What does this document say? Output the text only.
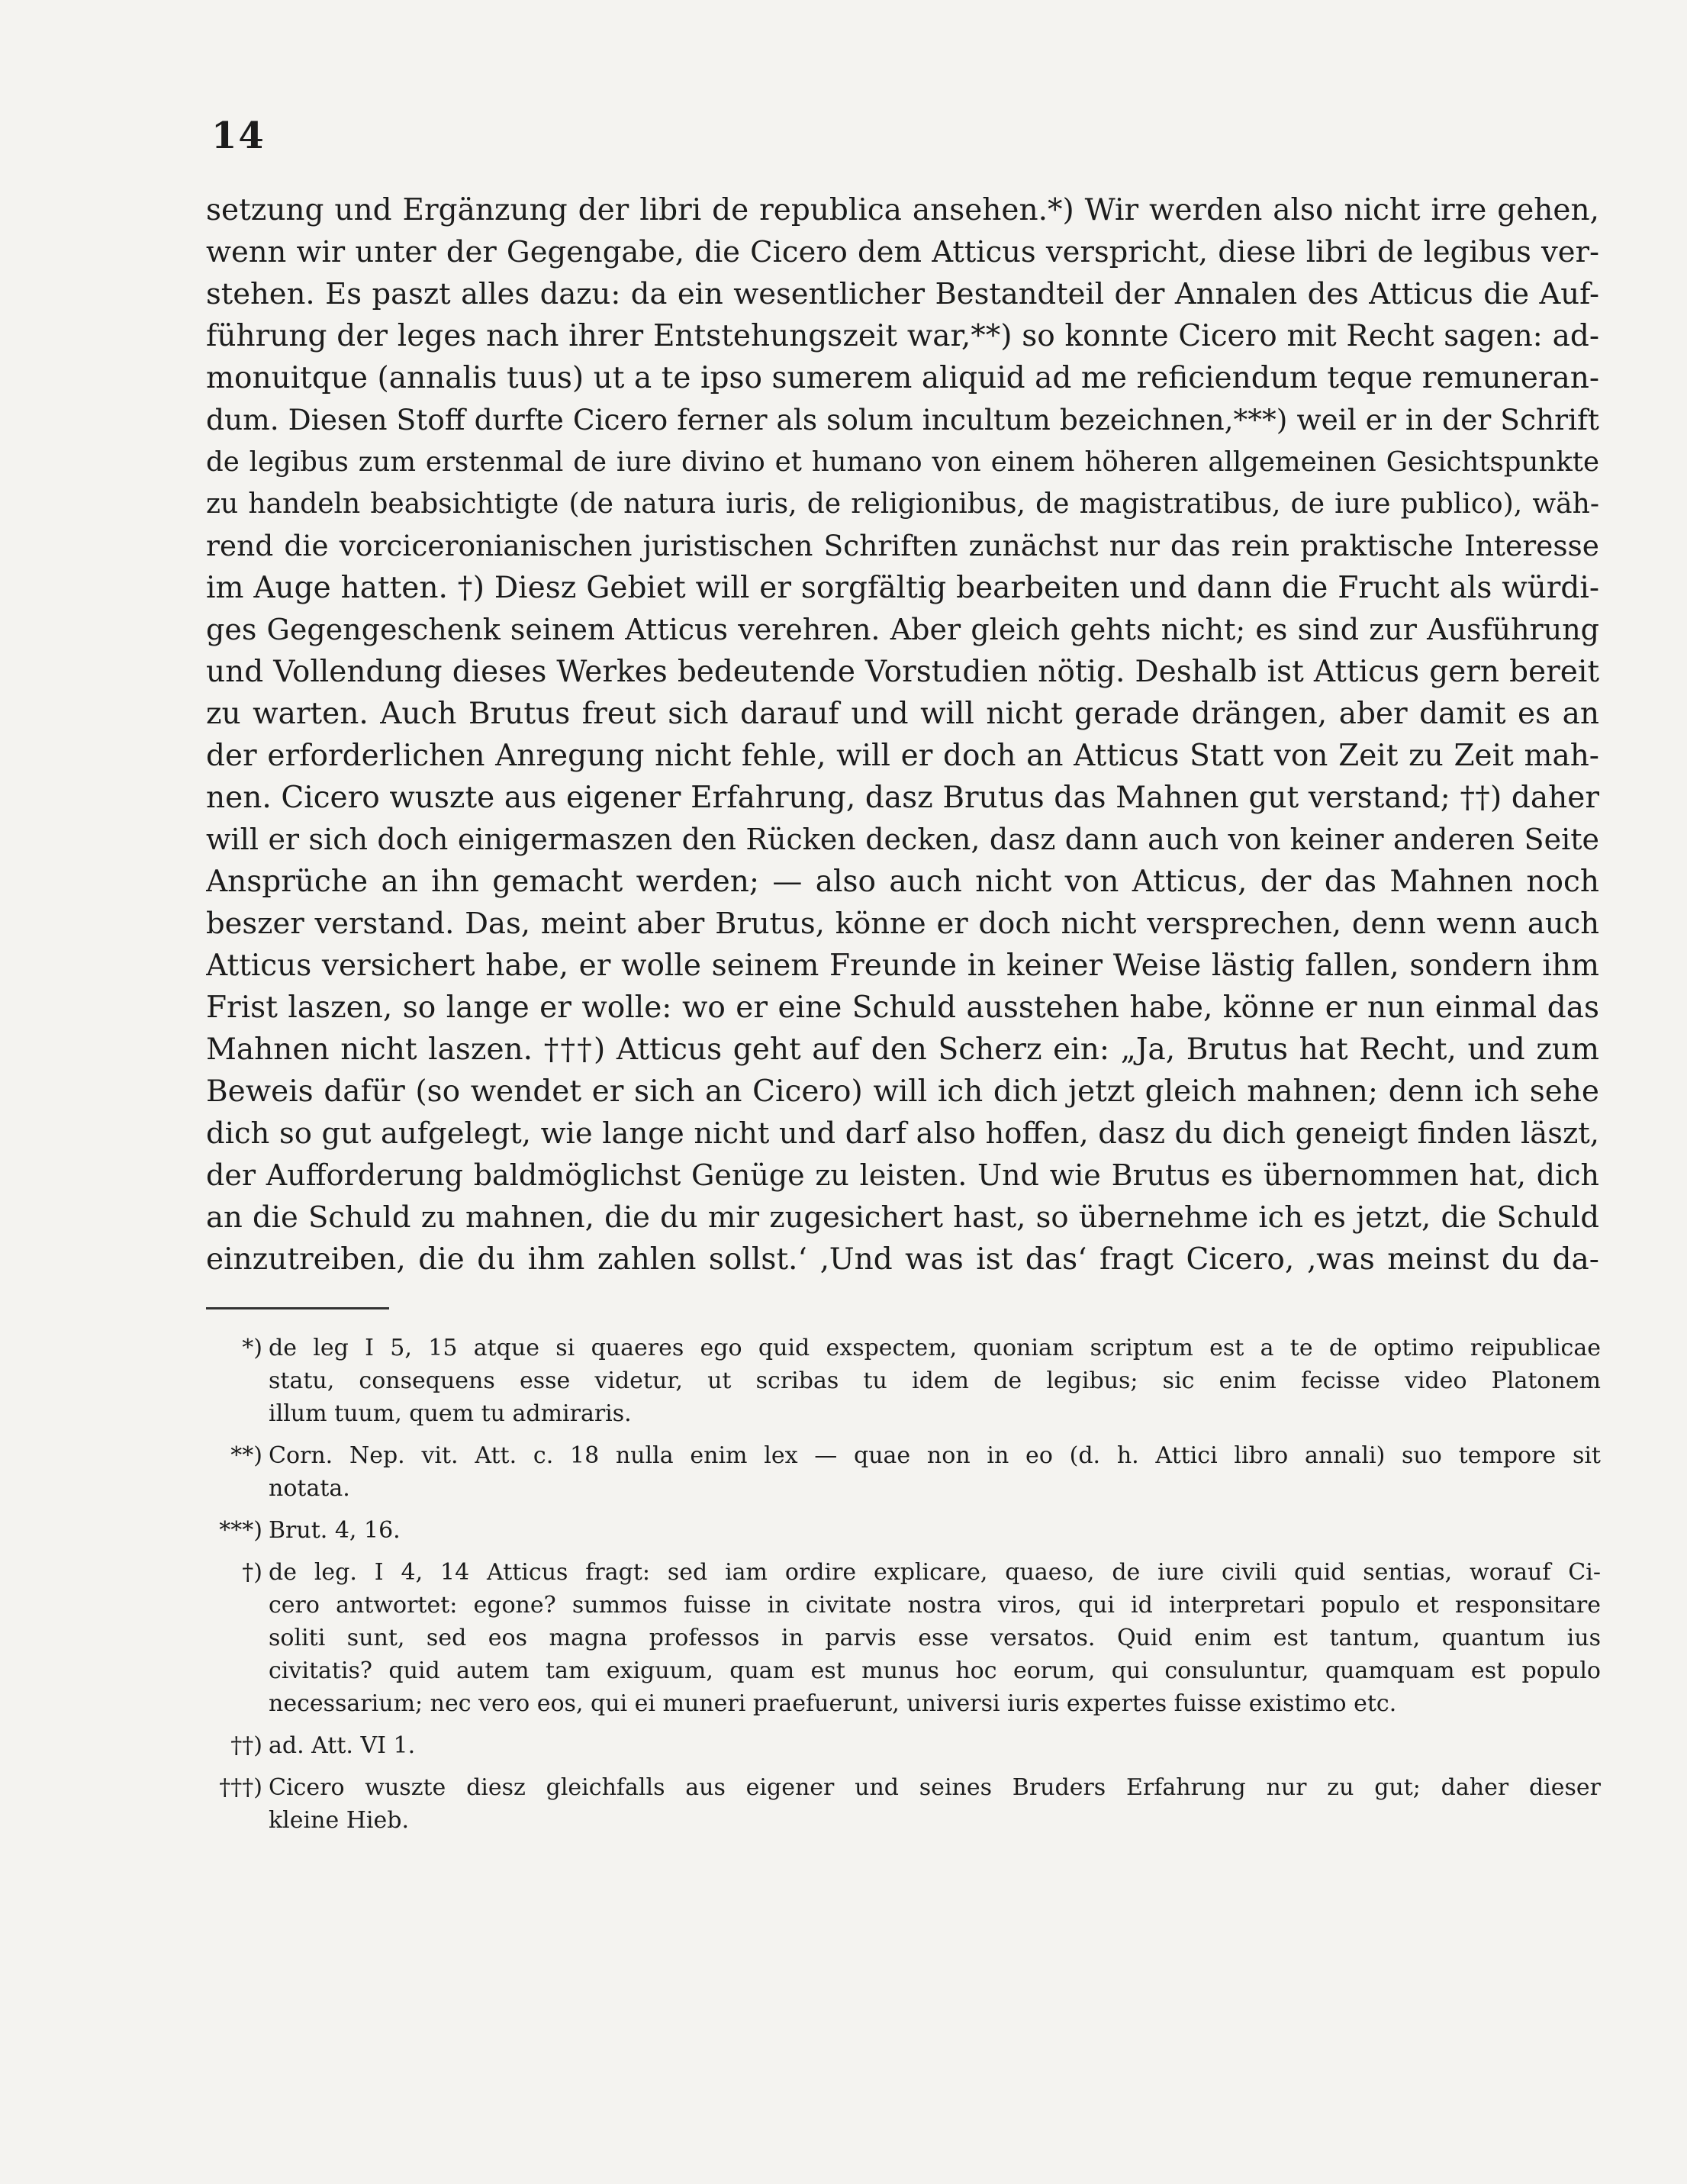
14
setzung und Ergänzung der libri de republica ansehen.*) Wir werden also nicht irre gehen,
wenn wir unter der Gegengabe, die Cicero dem Atticus verspricht, diese libri de legibus ver-
stehen. Es paszt alles dazu: da ein wesentlicher Bestandteil der Annalen des Atticus die Auf-
führung der leges nach ihrer Entstehungszeit war,**) so konnte Cicero mit Recht sagen: ad-
monuitque (annalis tuus) ut a te ipso sumerem aliquid ad me reficiendum teque remuneran-
dum. Diesen Stoff durfte Cicero ferner als solum incultum bezeichnen,***) weil er in der Schrift
de legibus zum erstenmal de iure divino et humano von einem höheren allgemeinen Gesichtspunkte
zu handeln beabsichtigte (de natura iuris, de religionibus, de magistratibus, de iure publico), wäh-
rend die vorciceronianischen juristischen Schriften zunächst nur das rein praktische Interesse
im Auge hatten. †) Diesz Gebiet will er sorgfältig bearbeiten und dann die Frucht als würdi-
ges Gegengeschenk seinem Atticus verehren. Aber gleich gehts nicht; es sind zur Ausführung
und Vollendung dieses Werkes bedeutende Vorstudien nötig. Deshalb ist Atticus gern bereit
zu warten. Auch Brutus freut sich darauf und will nicht gerade drängen, aber damit es an
der erforderlichen Anregung nicht fehle, will er doch an Atticus Statt von Zeit zu Zeit mah-
nen. Cicero wuszte aus eigener Erfahrung, dasz Brutus das Mahnen gut verstand; ††) daher
will er sich doch einigermaszen den Rücken decken, dasz dann auch von keiner anderen Seite
Ansprüche an ihn gemacht werden; — also auch nicht von Atticus, der das Mahnen noch
beszer verstand. Das, meint aber Brutus, könne er doch nicht versprechen, denn wenn auch
Atticus versichert habe, er wolle seinem Freunde in keiner Weise lästig fallen, sondern ihm
Frist laszen, so lange er wolle: wo er eine Schuld ausstehen habe, könne er nun einmal das
Mahnen nicht laszen. †††) Atticus geht auf den Scherz ein: „Ja, Brutus hat Recht, und zum
Beweis dafür (so wendet er sich an Cicero) will ich dich jetzt gleich mahnen; denn ich sehe
dich so gut aufgelegt, wie lange nicht und darf also hoffen, dasz du dich geneigt finden läszt,
der Aufforderung baldmöglichst Genüge zu leisten. Und wie Brutus es übernommen hat, dich
an die Schuld zu mahnen, die du mir zugesichert hast, so übernehme ich es jetzt, die Schuld
einzutreiben, die du ihm zahlen sollst.‘ ‚Und was ist das‘ fragt Cicero, ‚was meinst du da-
*) de leg I 5, 15 atque si quaeres ego quid exspectem, quoniam scriptum est a te de optimo reipublicae
statu, consequens esse videtur, ut scribas tu idem de legibus; sic enim fecisse video Platonem
illum tuum, quem tu admiraris.
**) Corn. Nep. vit. Att. c. 18 nulla enim lex — quae non in eo (d. h. Attici libro annali) suo tempore sit
notata.
***) Brut. 4, 16.
†) de leg. I 4, 14 Atticus fragt: sed iam ordire explicare, quaeso, de iure civili quid sentias, worauf Ci-
cero antwortet: egone? summos fuisse in civitate nostra viros, qui id interpretari populo et responsitare
soliti sunt, sed eos magna professos in parvis esse versatos. Quid enim est tantum, quantum ius
civitatis? quid autem tam exiguum, quam est munus hoc eorum, qui consuluntur, quamquam est populo
necessarium; nec vero eos, qui ei muneri praefuerunt, universi iuris expertes fuisse existimo etc.
††) ad. Att. VI 1.
†††) Cicero wuszte diesz gleichfalls aus eigener und seines Bruders Erfahrung nur zu gut; daher dieser
kleine Hieb.
